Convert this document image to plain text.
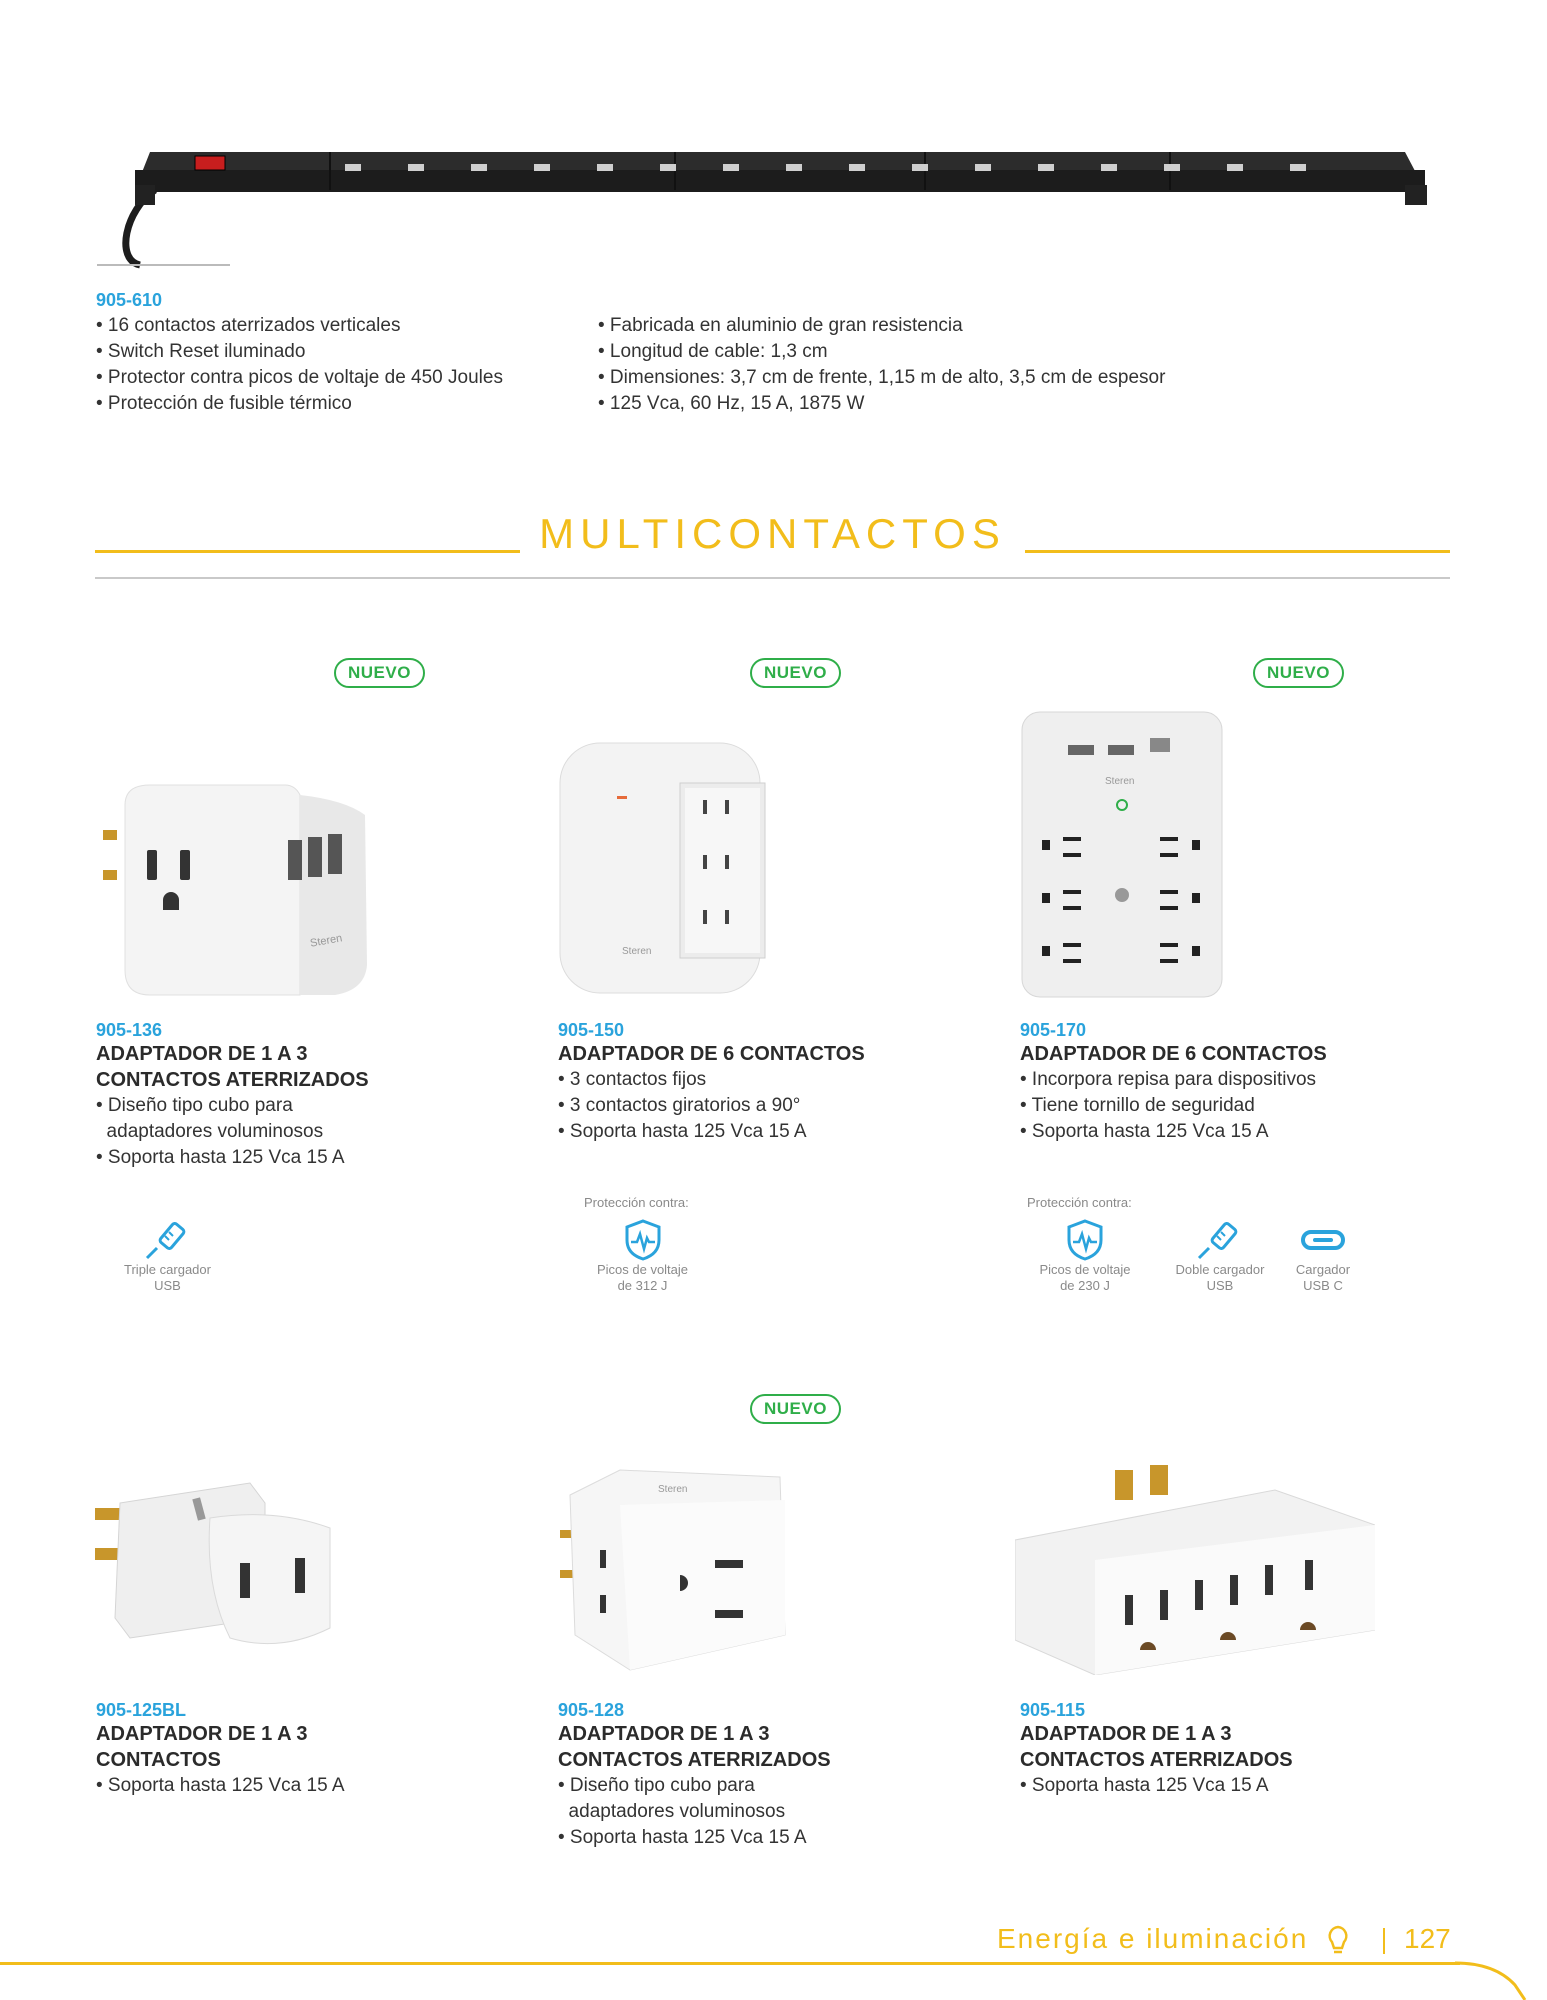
905-610
• 16 contactos aterrizados verticales
• Switch Reset iluminado
• Protector contra picos de voltaje de 450 Joules
• Protección de fusible térmico
• Fabricada en aluminio de gran resistencia
• Longitud de cable: 1,3 cm
• Dimensiones: 3,7 cm de frente, 1,15 m de alto, 3,5 cm de espesor
• 125 Vca, 60 Hz, 15 A, 1875 W
MULTICONTACTOS
NUEVO	NUEVO	NUEVO
NUEVO
Steren
Steren
Steren
905-136
ADAPTADOR DE 1 A 3
CONTACTOS ATERRIZADOS
• Diseño tipo cubo para
adaptadores voluminosos
• Soporta hasta 125 Vca 15 A
905-150
ADAPTADOR DE 6 CONTACTOS
• 3 contactos fijos
• 3 contactos giratorios a 90°
• Soporta hasta 125 Vca 15 A
905-170
ADAPTADOR DE 6 CONTACTOS
• Incorpora repisa para dispositivos
• Tiene tornillo de seguridad
• Soporta hasta 125 Vca 15 A
Triple cargador
USB
Protección contra:
Picos de voltaje
de 312 J
Protección contra:
Picos de voltaje
de 230 J
Doble cargador
USB
Cargador
USB C
Steren
905-125BL
ADAPTADOR DE 1 A 3
CONTACTOS
• Soporta hasta 125 Vca 15 A
905-128
ADAPTADOR DE 1 A 3
CONTACTOS ATERRIZADOS
• Diseño tipo cubo para
adaptadores voluminosos
• Soporta hasta 125 Vca 15 A
905-115
ADAPTADOR DE 1 A 3
CONTACTOS ATERRIZADOS
• Soporta hasta 125 Vca 15 A
Energía e iluminación	127
